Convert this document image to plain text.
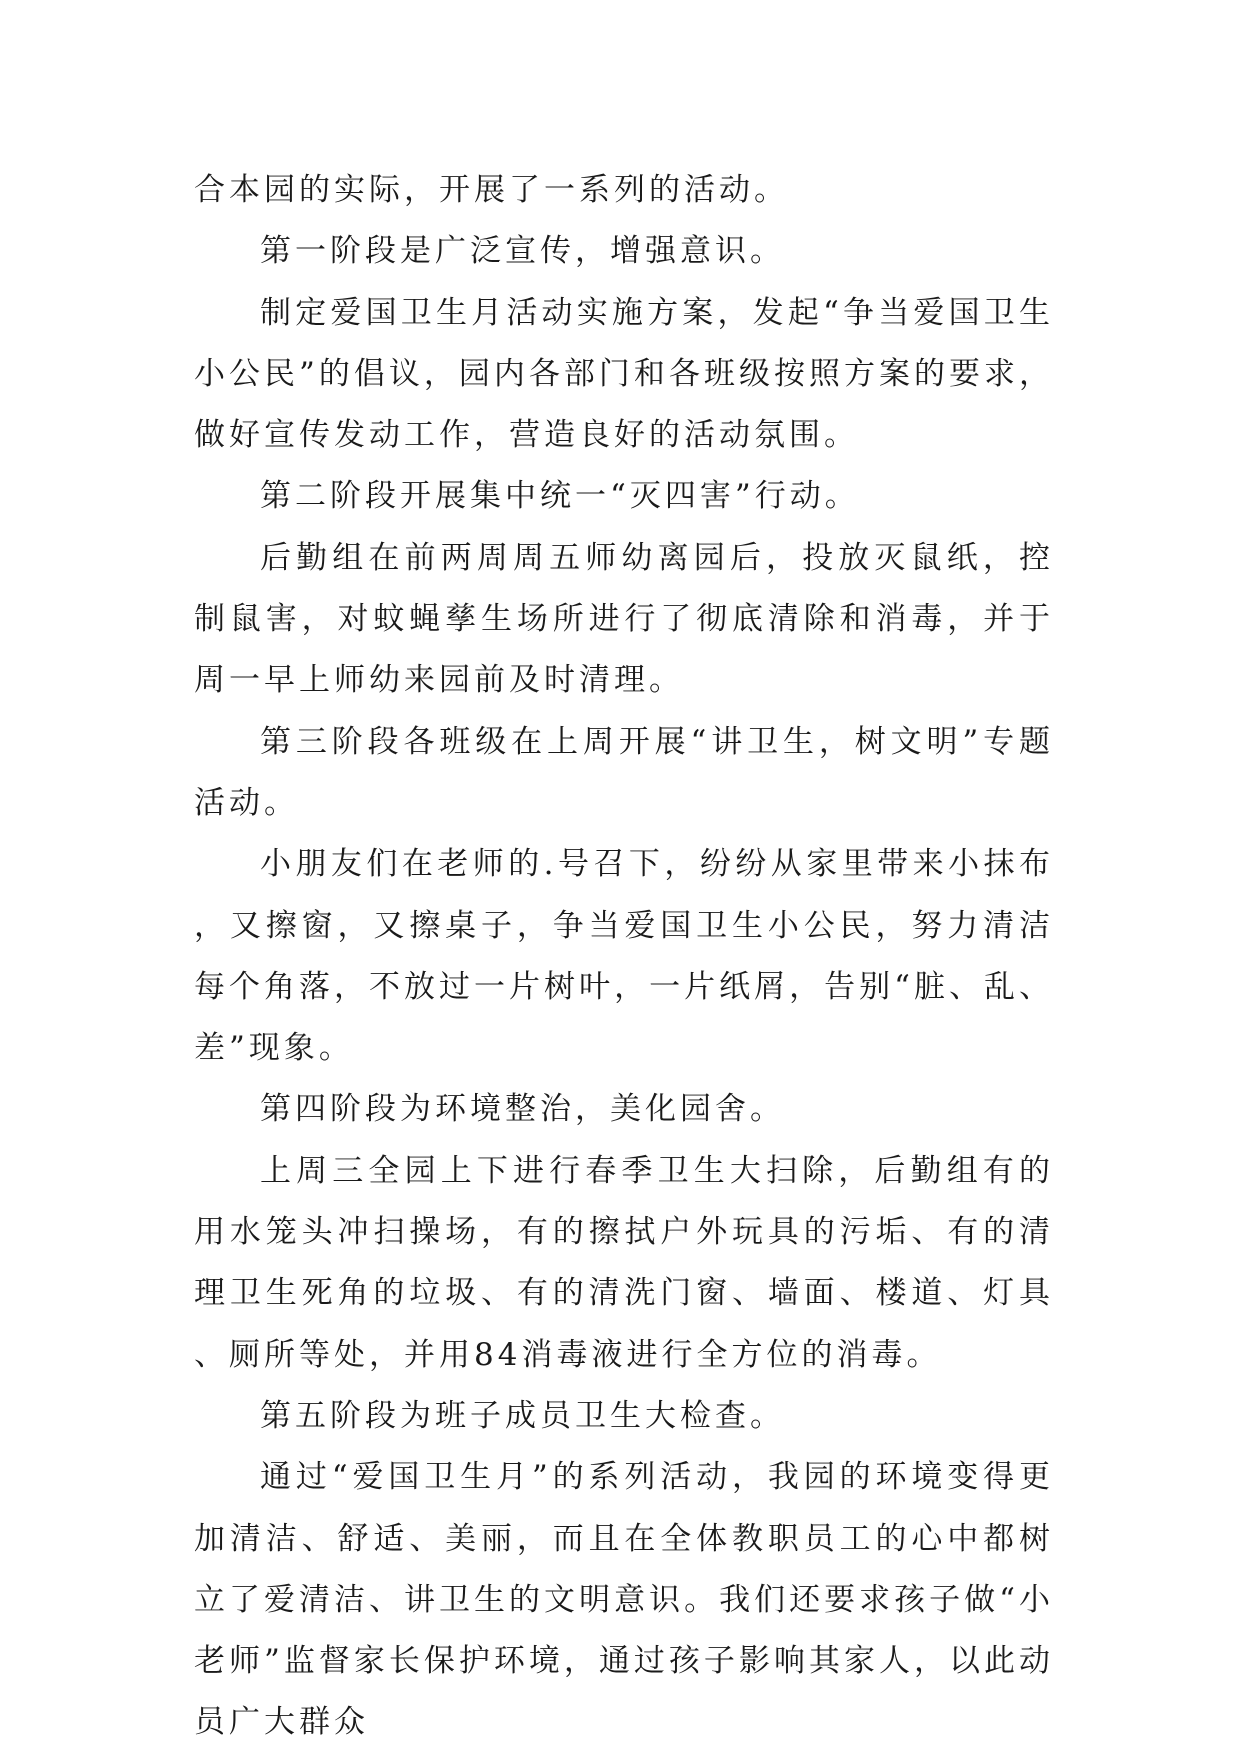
合本园的实际，开展了一系列的活动。

第一阶段是广泛宣传，增强意识。

制定爱国卫生月活动实施方案，发起“争当爱国卫生小公民”的倡议，园内各部门和各班级按照方案的要求，做好宣传发动工作，营造良好的活动氛围。

第二阶段开展集中统一“灭四害”行动。

后勤组在前两周周五师幼离园后，投放灭鼠纸，控制鼠害，对蚊蝇孳生场所进行了彻底清除和消毒，并于周一早上师幼来园前及时清理。

第三阶段各班级在上周开展“讲卫生，树文明”专题活动。

小朋友们在老师的.号召下，纷纷从家里带来小抹布，又擦窗，又擦桌子，争当爱国卫生小公民，努力清洁每个角落，不放过一片树叶，一片纸屑，告别“脏、乱、差”现象。

第四阶段为环境整治，美化园舍。

上周三全园上下进行春季卫生大扫除，后勤组有的用水笼头冲扫操场，有的擦拭户外玩具的污垢、有的清理卫生死角的垃圾、有的清洗门窗、墙面、楼道、灯具、厕所等处，并用84消毒液进行全方位的消毒。

第五阶段为班子成员卫生大检查。

通过“爱国卫生月”的系列活动，我园的环境变得更加清洁、舒适、美丽，而且在全体教职员工的心中都树立了爱清洁、讲卫生的文明意识。我们还要求孩子做“小老师”监督家长保护环境，通过孩子影响其家人，以此动员广大群众
